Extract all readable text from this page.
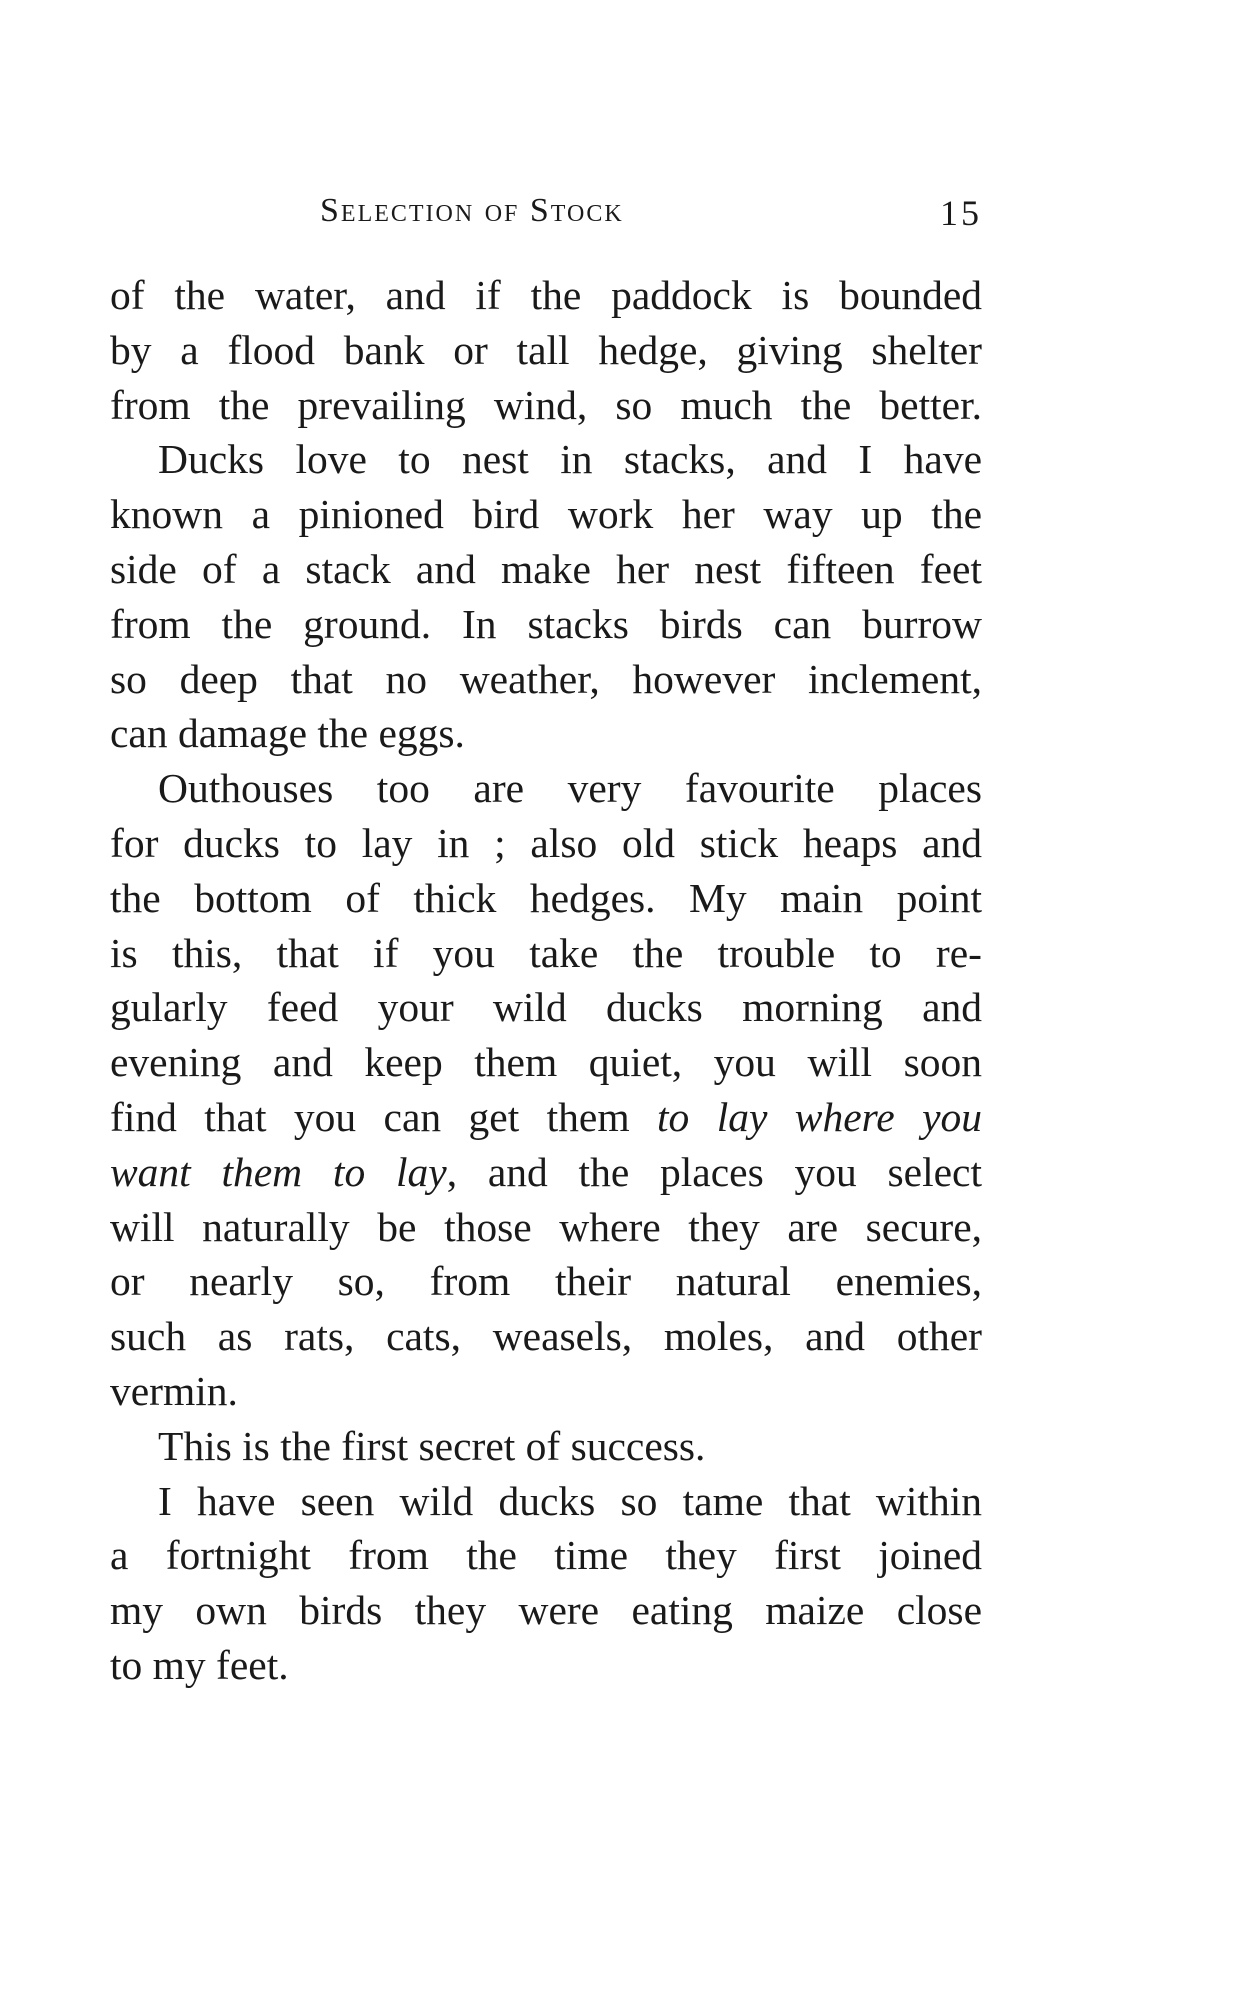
Selection of Stock	15
of the water, and if the paddock is bounded
by a flood bank or tall hedge, giving shelter
from the prevailing wind, so much the better.
Ducks love to nest in stacks, and I have
known a pinioned bird work her way up the
side of a stack and make her nest fifteen feet
from the ground. In stacks birds can burrow
so deep that no weather, however inclement,
can damage the eggs.
Outhouses too are very favourite places
for ducks to lay in ; also old stick heaps and
the bottom of thick hedges. My main point
is this, that if you take the trouble to re-
gularly feed your wild ducks morning and
evening and keep them quiet, you will soon
find that you can get them to lay where you
want them to lay, and the places you select
will naturally be those where they are secure,
or nearly so, from their natural enemies,
such as rats, cats, weasels, moles, and other
vermin.
This is the first secret of success.
I have seen wild ducks so tame that within
a fortnight from the time they first joined
my own birds they were eating maize close
to my feet.
